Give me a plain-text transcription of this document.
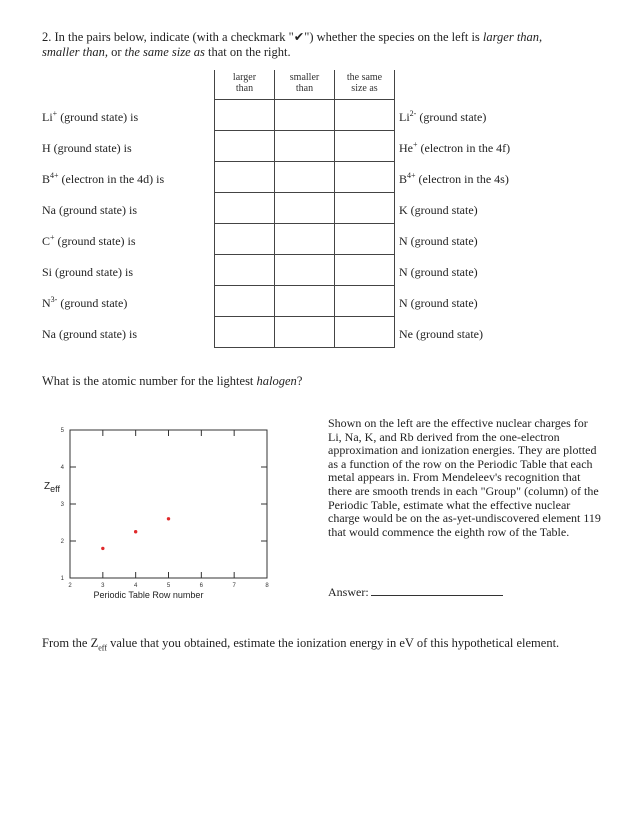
2. In the pairs below, indicate (with a checkmark "✔") whether the species on the left is larger than,
smaller than, or the same size as that on the right.
larger
than
smaller
than
the same
size as
Li+ (ground state) is	$Li^{2-}$ (ground state)
H (ground state) is	He+ (electron in the 4f)
$B^{4+}$ (electron in the 4d) is	$B^{4+}$ (electron in the 4s)
Na (ground state) is	K (ground state)
C+ (ground state) is	N (ground state)
Si (ground state) is	N (ground state)
$N^{3-}$ (ground state)	N (ground state)
Na (ground state) is	Ne (ground state)
What is the atomic number for the lightest halogen?
2	3	4	5	6	7	8
1
2
3
4
5
Periodic Table Row number
Zeff
Shown on the left are the effective nuclear charges for Li, Na, K, and Rb derived from the one-electron approximation and ionization energies. They are plotted as a function of the row on the Periodic Table that each metal appears in. From Mendeleev's recognition that there are smooth trends in each "Group" (column) of the Periodic Table, estimate what the effective nuclear charge would be on the as-yet-undiscovered element 119 that would commence the eighth row of the Table.
Answer:
From the $Z_{eff}$ value that you obtained, estimate the ionization energy in eV of this hypothetical element.
